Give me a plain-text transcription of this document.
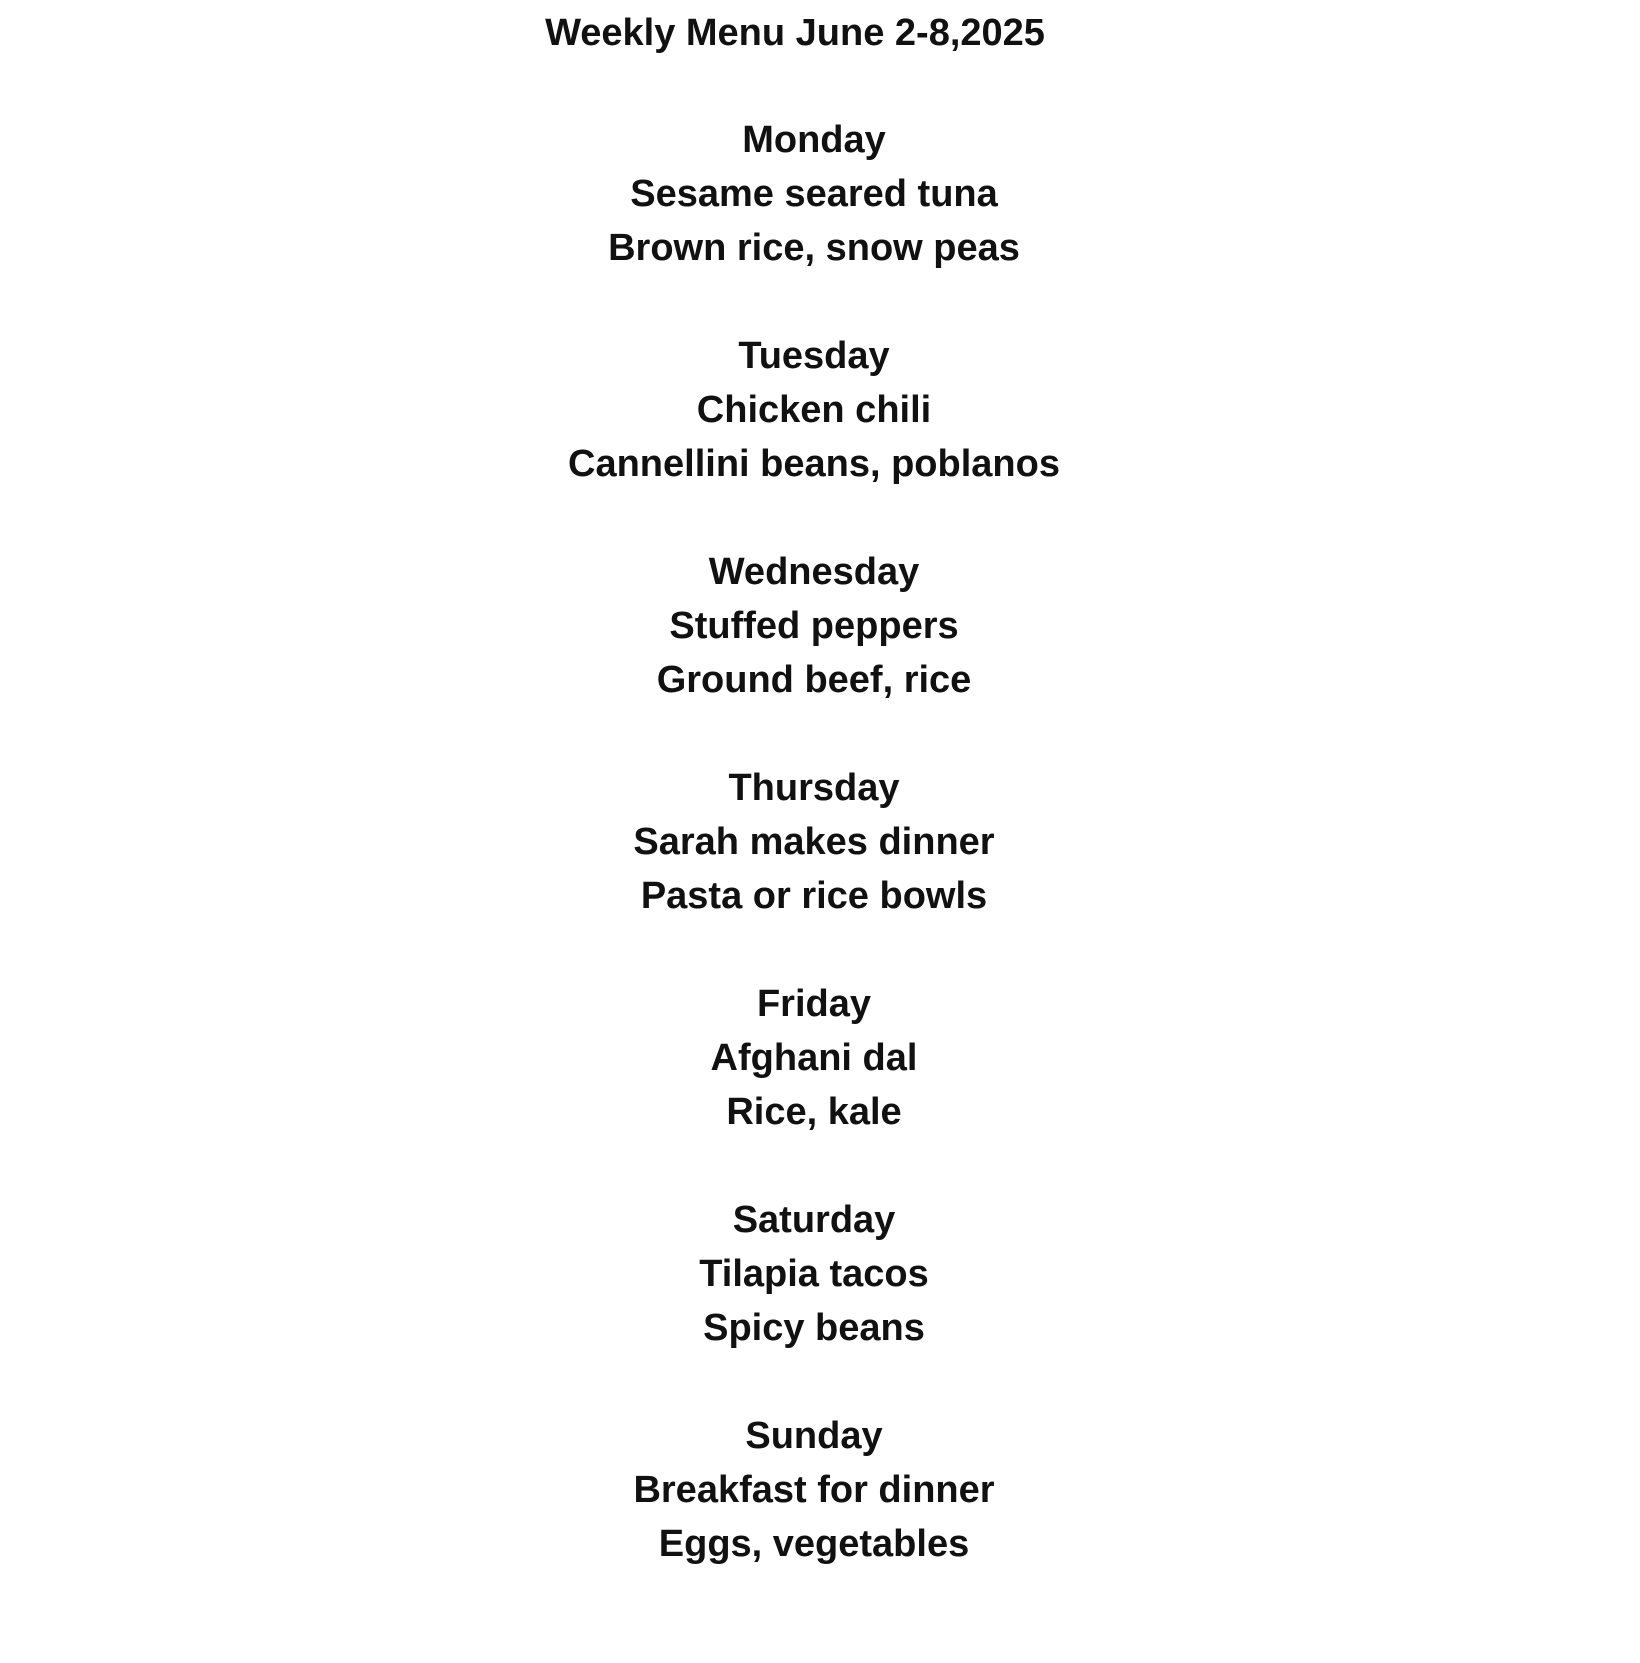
Weekly Menu June 2-8,2025
Monday
Sesame seared tuna
Brown rice, snow peas
Tuesday
Chicken chili
Cannellini beans, poblanos
Wednesday
Stuffed peppers
Ground beef, rice
Thursday
Sarah makes dinner
Pasta or rice bowls
Friday
Afghani dal
Rice, kale
Saturday
Tilapia tacos
Spicy beans
Sunday
Breakfast for dinner
Eggs, vegetables
